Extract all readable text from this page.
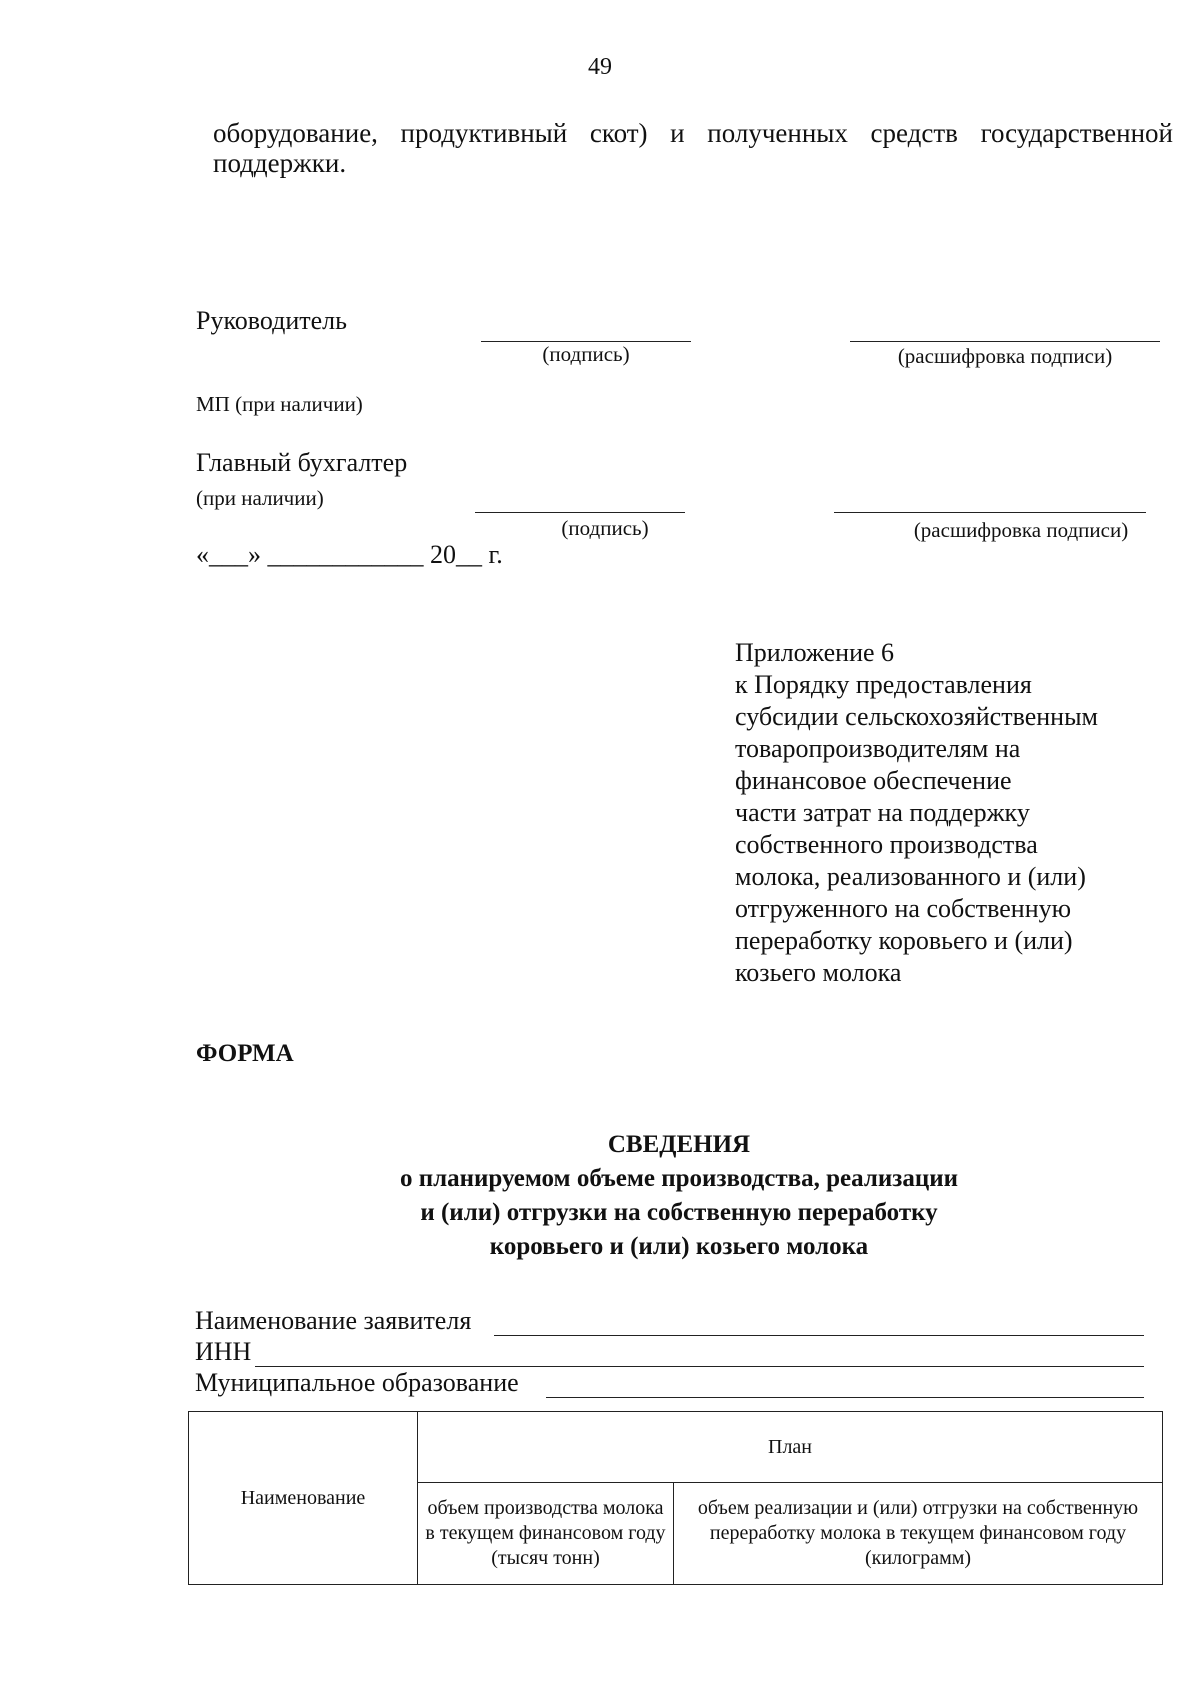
49
оборудование, продуктивный скот) и полученных средств государственной поддержки.
Руководитель
(подпись)	(расшифровка подписи)
МП (при наличии)
Главный бухгалтер
(при наличии)
(подпись)	(расшифровка подписи)
«___» ____________ 20__ г.
Приложение 6
к Порядку предоставления
субсидии сельскохозяйственным
товаропроизводителям на
финансовое обеспечение
части затрат на поддержку
собственного производства
молока, реализованного и (или)
отгруженного на собственную
переработку коровьего и (или)
козьего молока
ФОРМА
СВЕДЕНИЯ
о планируемом объеме производства, реализации
и (или) отгрузки на собственную переработку
коровьего и (или) козьего молока
Наименование заявителя
ИНН
Муниципальное образование
Наименование	План	
	объем производства молока в текущем финансовом году (тысяч тонн)	объем реализации и (или) отгрузки на собственную переработку молока в текущем финансовом году (килограмм)
